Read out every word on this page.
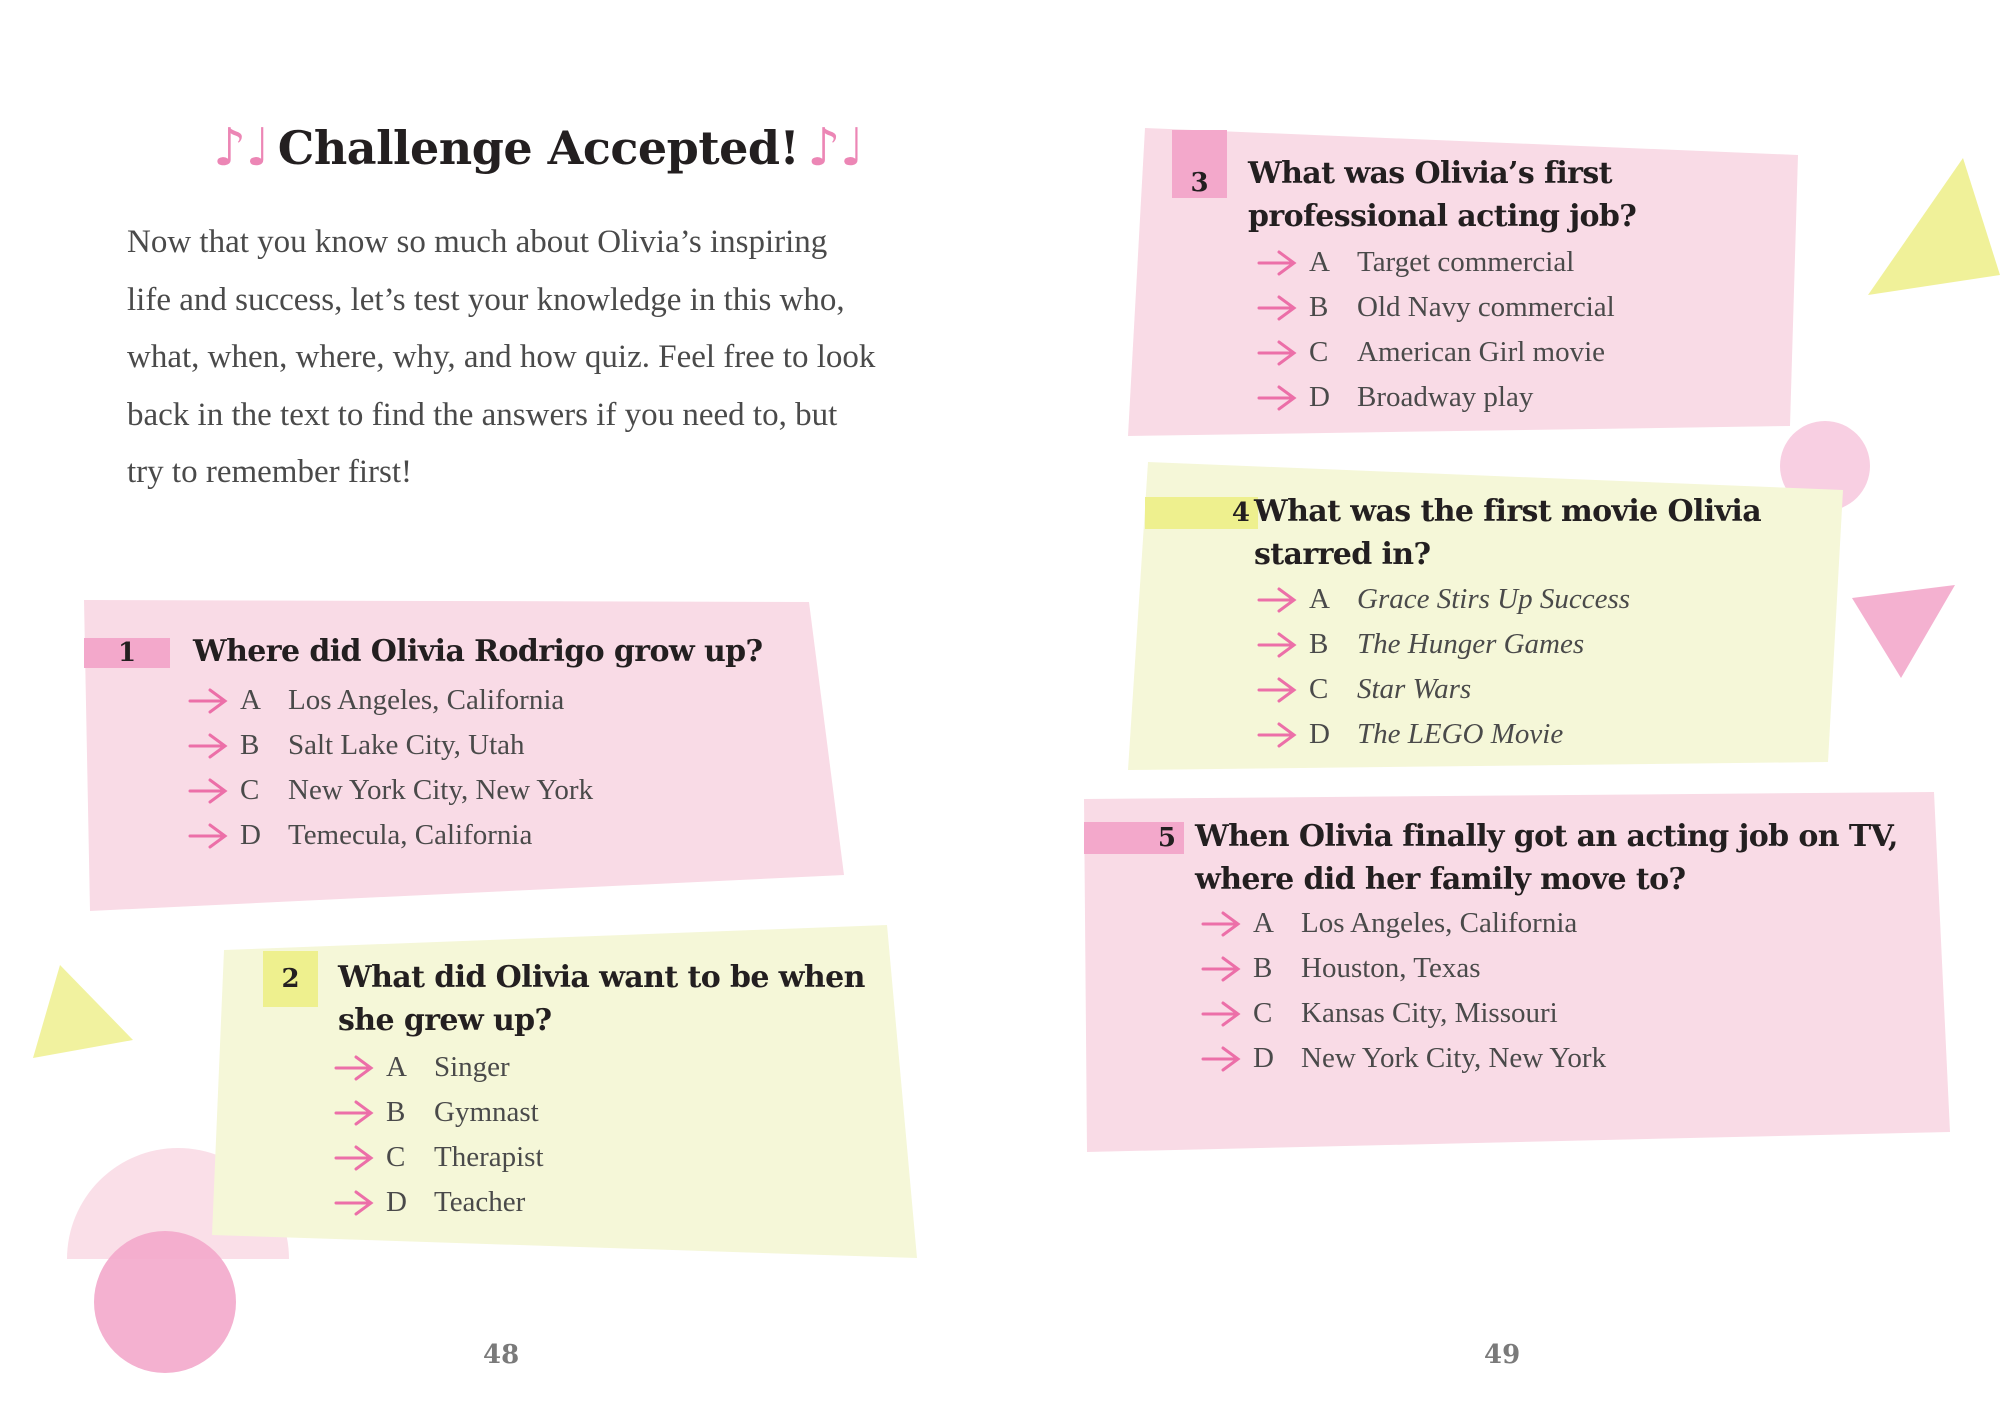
♪♩ Challenge Accepted! ♪♩

Now that you know so much about Olivia’s inspiring life and success, let’s test your knowledge in this who, what, when, where, why, and how quiz. Feel free to look back in the text to find the answers if you need to, but try to remember first!

1	Where did Olivia Rodrigo grow up?

A Los Angeles, California
B Salt Lake City, Utah
C New York City, New York
D Temecula, California
2	What did Olivia want to be when she grew up?

A Singer
B Gymnast
C Therapist
D Teacher
3	What was Olivia’s first professional acting job?

A Target commercial
B Old Navy commercial
C American Girl movie
D Broadway play
4 What was the first movie Olivia starred in?

A Grace Stirs Up Success
B The Hunger Games
C Star Wars
D The LEGO Movie
5 When Olivia finally got an acting job on TV, where did her family move to?

A Los Angeles, California
B Houston, Texas
C Kansas City, Missouri
D New York City, New York
48	49
